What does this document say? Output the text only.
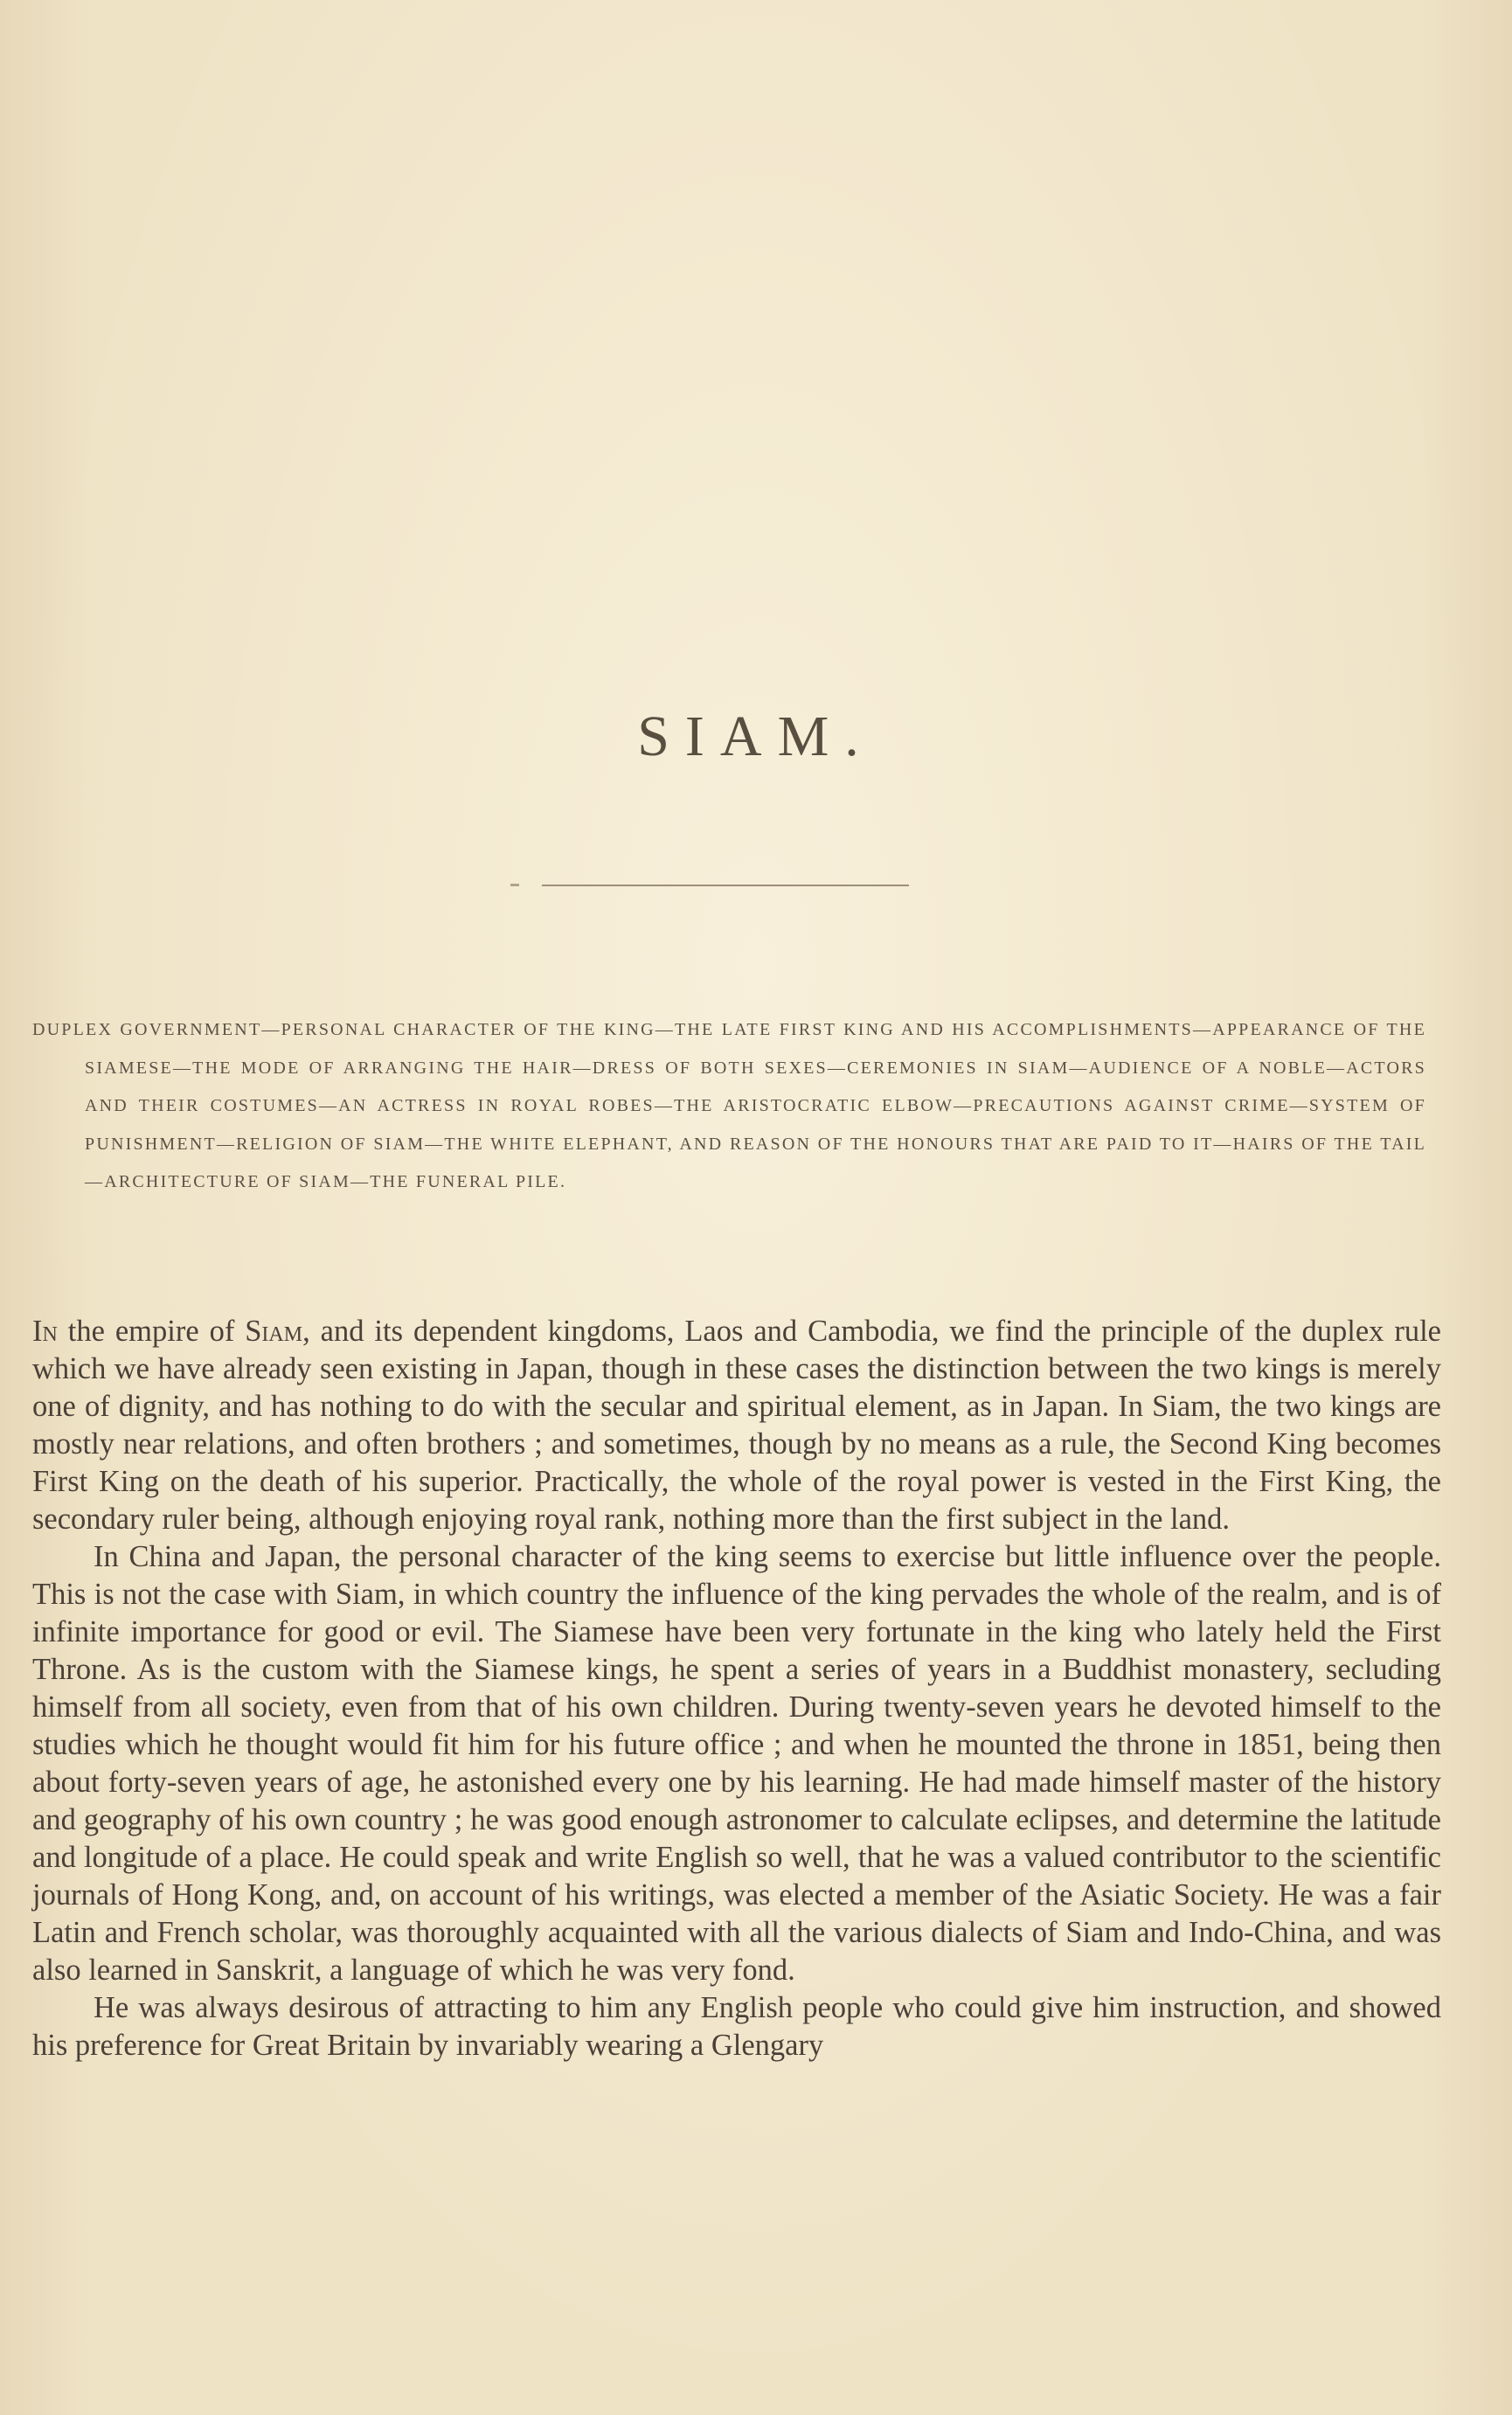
SIAM.

DUPLEX GOVERNMENT—PERSONAL CHARACTER OF THE KING—THE LATE FIRST KING AND HIS ACCOMPLISHMENTS—APPEARANCE OF THE SIAMESE—THE MODE OF ARRANGING THE HAIR—DRESS OF BOTH SEXES—CEREMONIES IN SIAM—AUDIENCE OF A NOBLE—ACTORS AND THEIR COSTUMES—AN ACTRESS IN ROYAL ROBES—THE ARISTOCRATIC ELBOW—PRECAUTIONS AGAINST CRIME—SYSTEM OF PUNISHMENT—RELIGION OF SIAM—THE WHITE ELEPHANT, AND REASON OF THE HONOURS THAT ARE PAID TO IT—HAIRS OF THE TAIL—ARCHITECTURE OF SIAM—THE FUNERAL PILE.

In the empire of Siam, and its dependent kingdoms, Laos and Cambodia, we find the principle of the duplex rule which we have already seen existing in Japan, though in these cases the distinction between the two kings is merely one of dignity, and has nothing to do with the secular and spiritual element, as in Japan. In Siam, the two kings are mostly near relations, and often brothers ; and sometimes, though by no means as a rule, the Second King becomes First King on the death of his superior. Practically, the whole of the royal power is vested in the First King, the secondary ruler being, although enjoying royal rank, nothing more than the first subject in the land.

In China and Japan, the personal character of the king seems to exercise but little influence over the people. This is not the case with Siam, in which country the influence of the king pervades the whole of the realm, and is of infinite importance for good or evil. The Siamese have been very fortunate in the king who lately held the First Throne. As is the custom with the Siamese kings, he spent a series of years in a Buddhist monastery, secluding himself from all society, even from that of his own children. During twenty-seven years he devoted himself to the studies which he thought would fit him for his future office ; and when he mounted the throne in 1851, being then about forty-seven years of age, he astonished every one by his learning. He had made himself master of the history and geography of his own country ; he was good enough astronomer to calculate eclipses, and determine the latitude and longitude of a place. He could speak and write English so well, that he was a valued contributor to the scientific journals of Hong Kong, and, on account of his writings, was elected a member of the Asiatic Society. He was a fair Latin and French scholar, was thoroughly acquainted with all the various dialects of Siam and Indo-China, and was also learned in Sanskrit, a language of which he was very fond.

He was always desirous of attracting to him any English people who could give him instruction, and showed his preference for Great Britain by invariably wearing a Glengary
